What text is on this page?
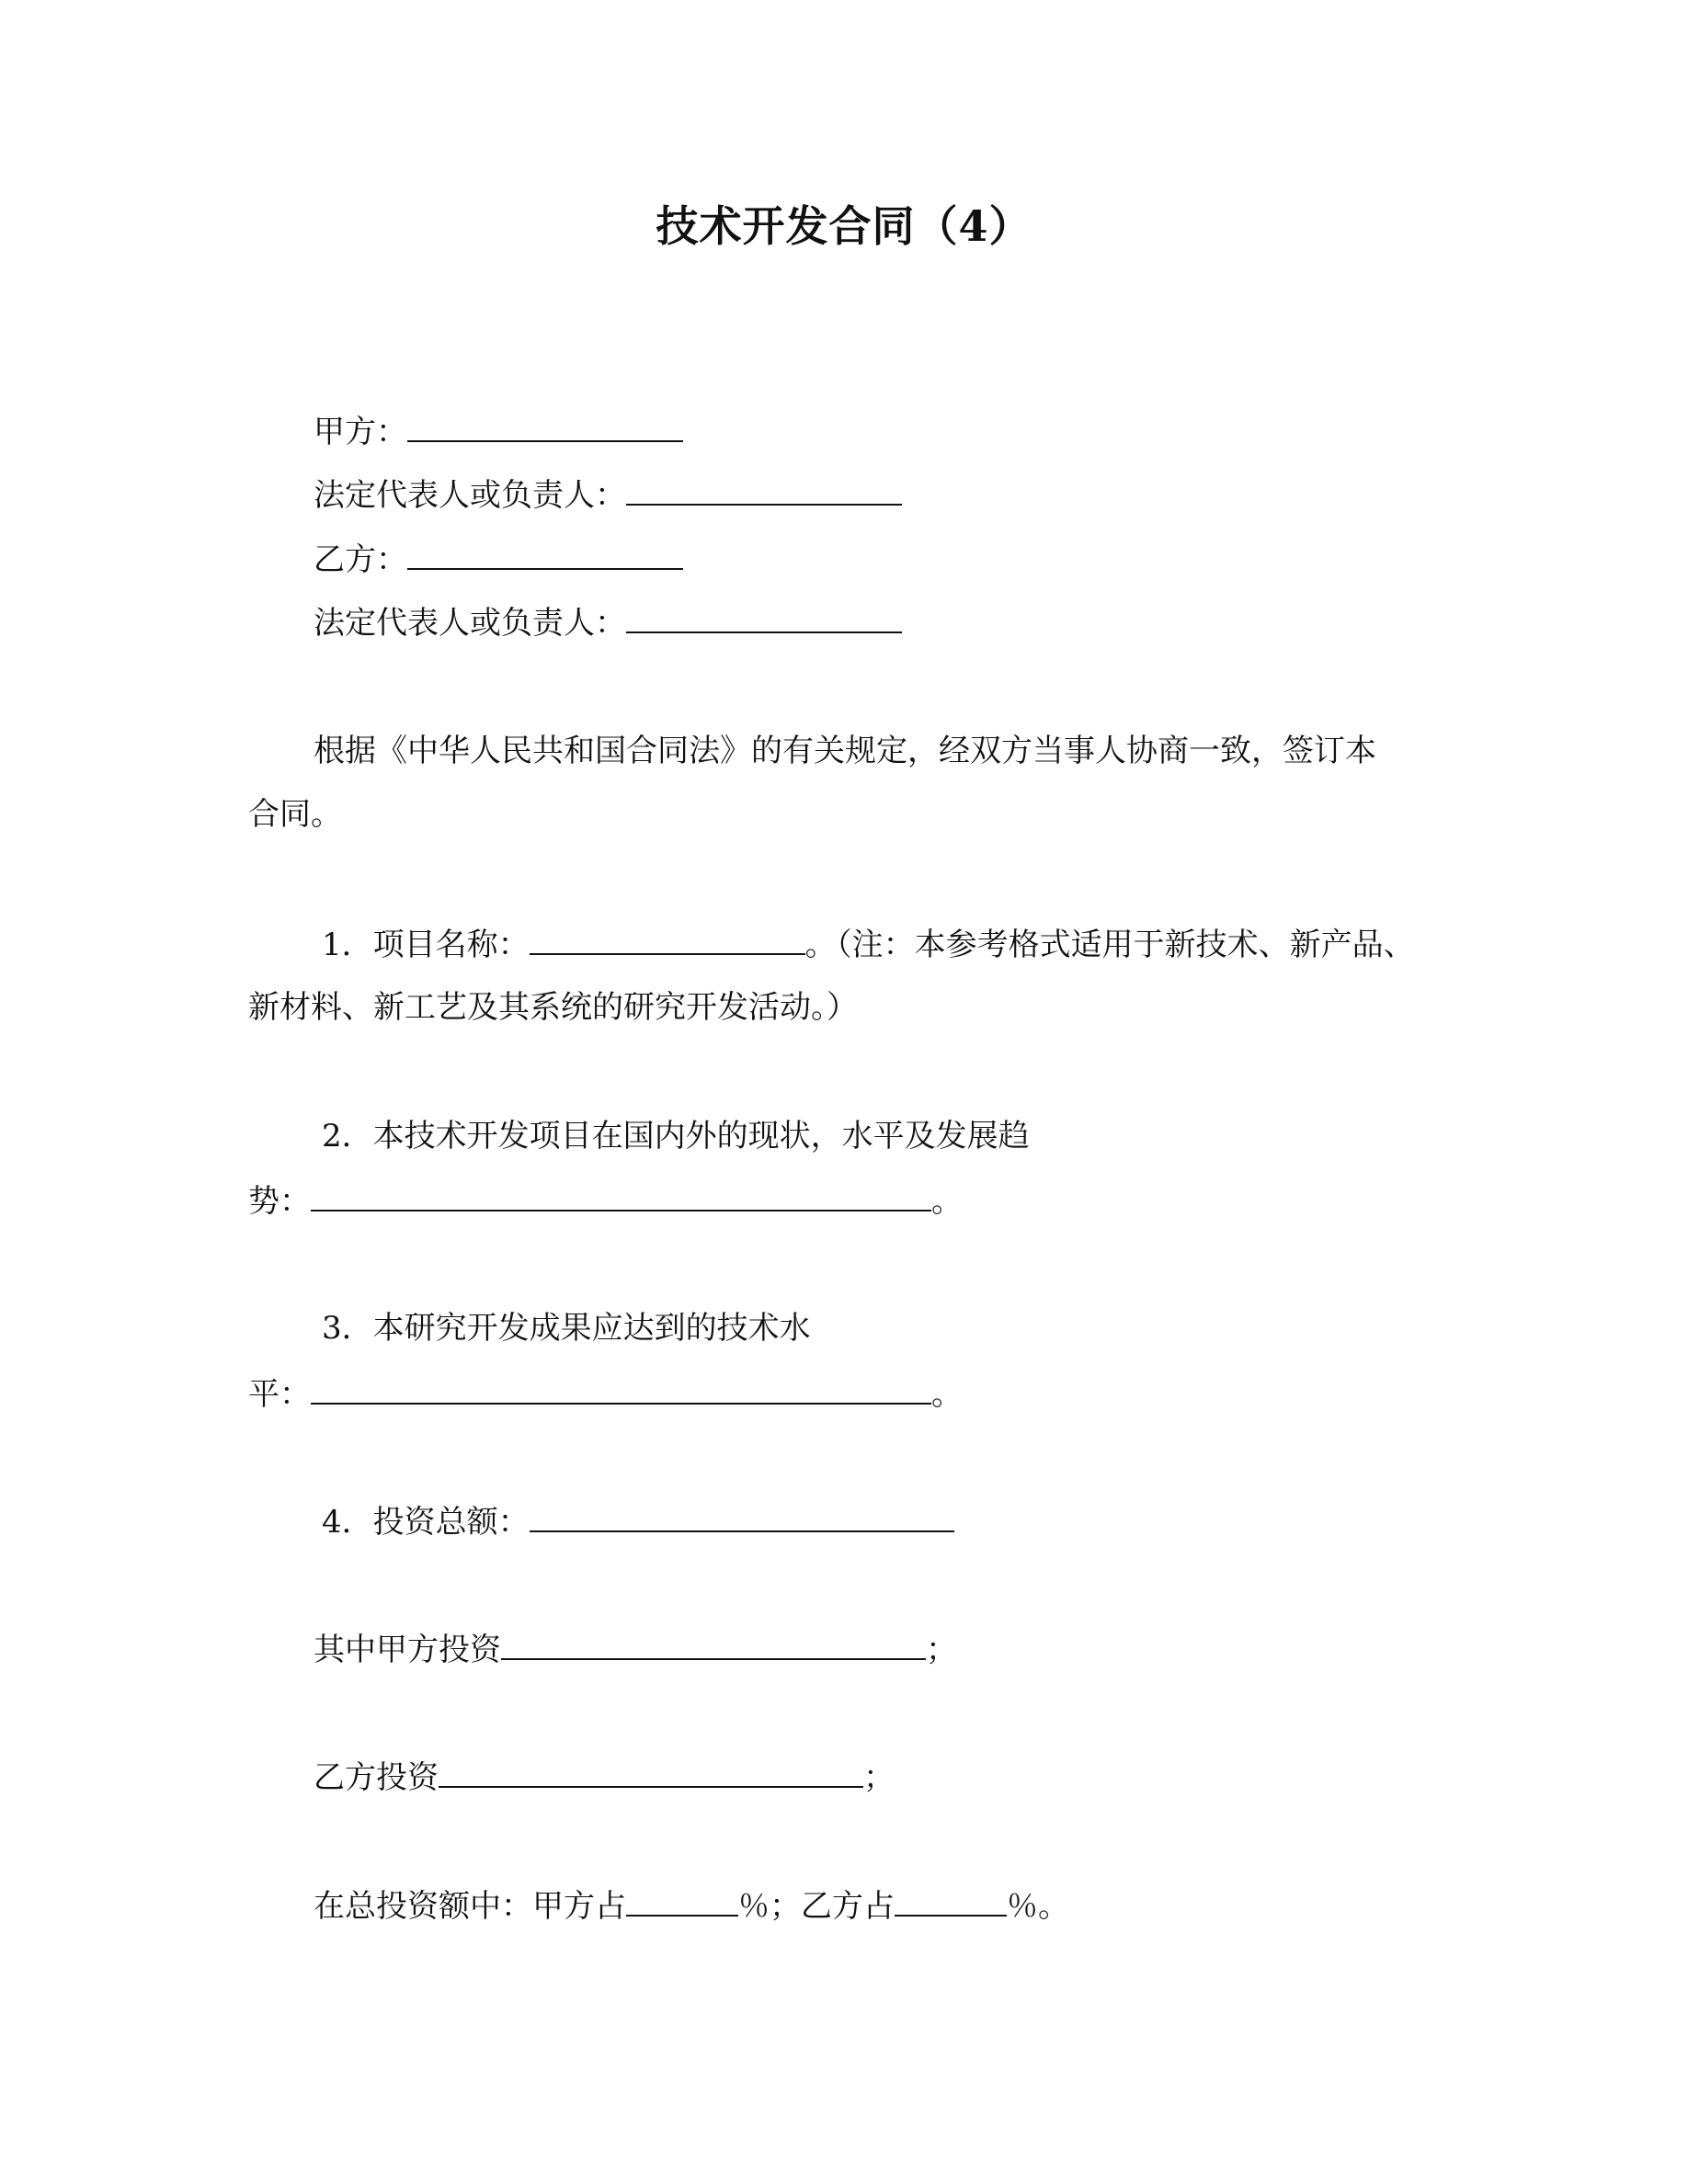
技术开发合同（4）
甲方：
法定代表人或负责人：
乙方：
法定代表人或负责人：
根据《中华人民共和国合同法》的有关规定，经双方当事人协商一致，签订本
合同。
1．项目名称：	。（注：本参考格式适用于新技术、新产品、
新材料、新工艺及其系统的研究开发活动。）
2．本技术开发项目在国内外的现状，水平及发展趋
势：	。
3．本研究开发成果应达到的技术水
平：	。
4．投资总额：
其中甲方投资	；
乙方投资	；
在总投资额中：甲方占	％；乙方占	％。
